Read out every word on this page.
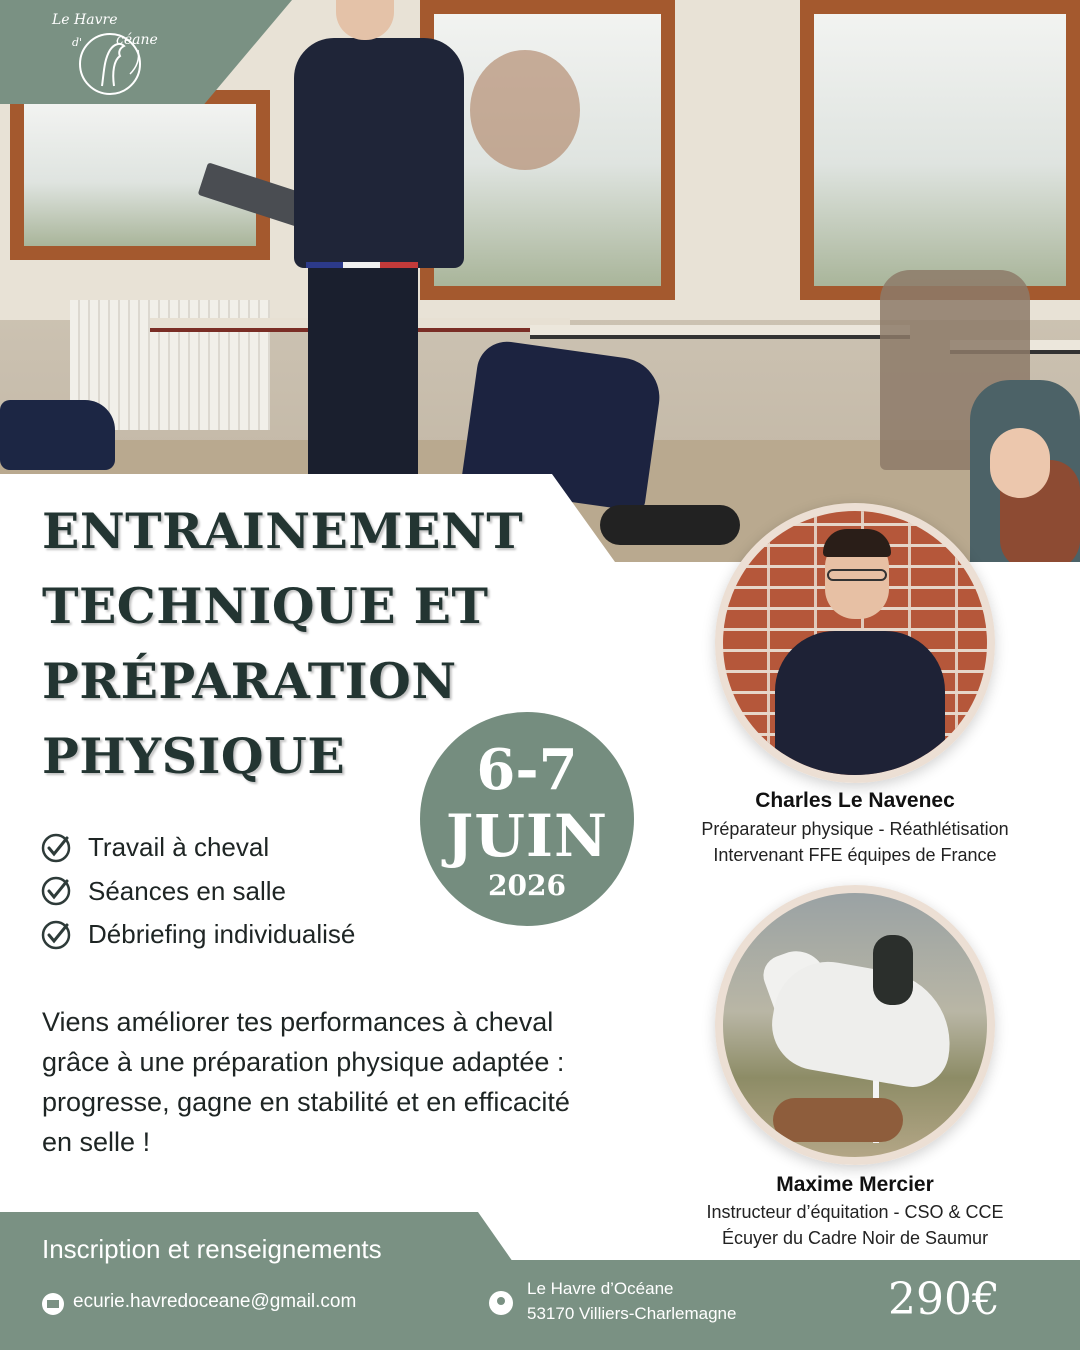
Le Havre
d' céane
ENTRAINEMENT
TECHNIQUE ET
PRÉPARATION
PHYSIQUE	6-7
JUIN
2026
Travail à cheval
Séances en salle
Débriefing individualisé

Viens améliorer tes performances à cheval grâce à une préparation physique adaptée : progresse, gagne en stabilité et en efficacité en selle !

Charles Le Navenec
Préparateur physique - Réathlétisation
Intervenant FFE équipes de France
Maxime Mercier
Instructeur d’équitation - CSO & CCE
Écuyer du Cadre Noir de Saumur
Inscription et renseignements
ecurie.havredoceane@gmail.com
Le Havre d’Océane
53170 Villiers-Charlemagne	290€
